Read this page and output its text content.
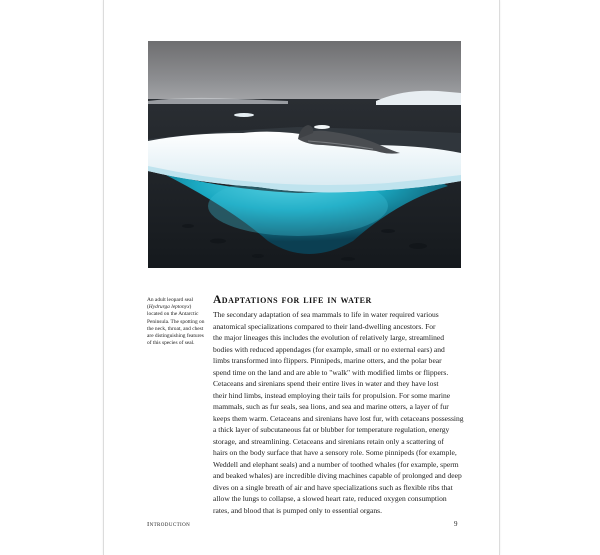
An adult leopard seal (Hydrurga leptonyx) located on the Antarctic Peninsula. The spotting on the neck, throat, and chest are distinguishing features of this species of seal.
Adaptations for life in water
The secondary adaptation of sea mammals to life in water required various
anatomical specializations compared to their land-dwelling ancestors. For
the major lineages this includes the evolution of relatively large, streamlined
bodies with reduced appendages (for example, small or no external ears) and
limbs transformed into flippers. Pinnipeds, marine otters, and the polar bear
spend time on the land and are able to "walk" with modified limbs or flippers.
Cetaceans and sirenians spend their entire lives in water and they have lost
their hind limbs, instead employing their tails for propulsion. For some marine
mammals, such as fur seals, sea lions, and sea and marine otters, a layer of fur
keeps them warm. Cetaceans and sirenians have lost fur, with cetaceans possessing
a thick layer of subcutaneous fat or blubber for temperature regulation, energy
storage, and streamlining. Cetaceans and sirenians retain only a scattering of
hairs on the body surface that have a sensory role. Some pinnipeds (for example,
Weddell and elephant seals) and a number of toothed whales (for example, sperm
and beaked whales) are incredible diving machines capable of prolonged and deep
dives on a single breath of air and have specializations such as flexible ribs that
allow the lungs to collapse, a slowed heart rate, reduced oxygen consumption
rates, and blood that is pumped only to essential organs.
Introduction	9
